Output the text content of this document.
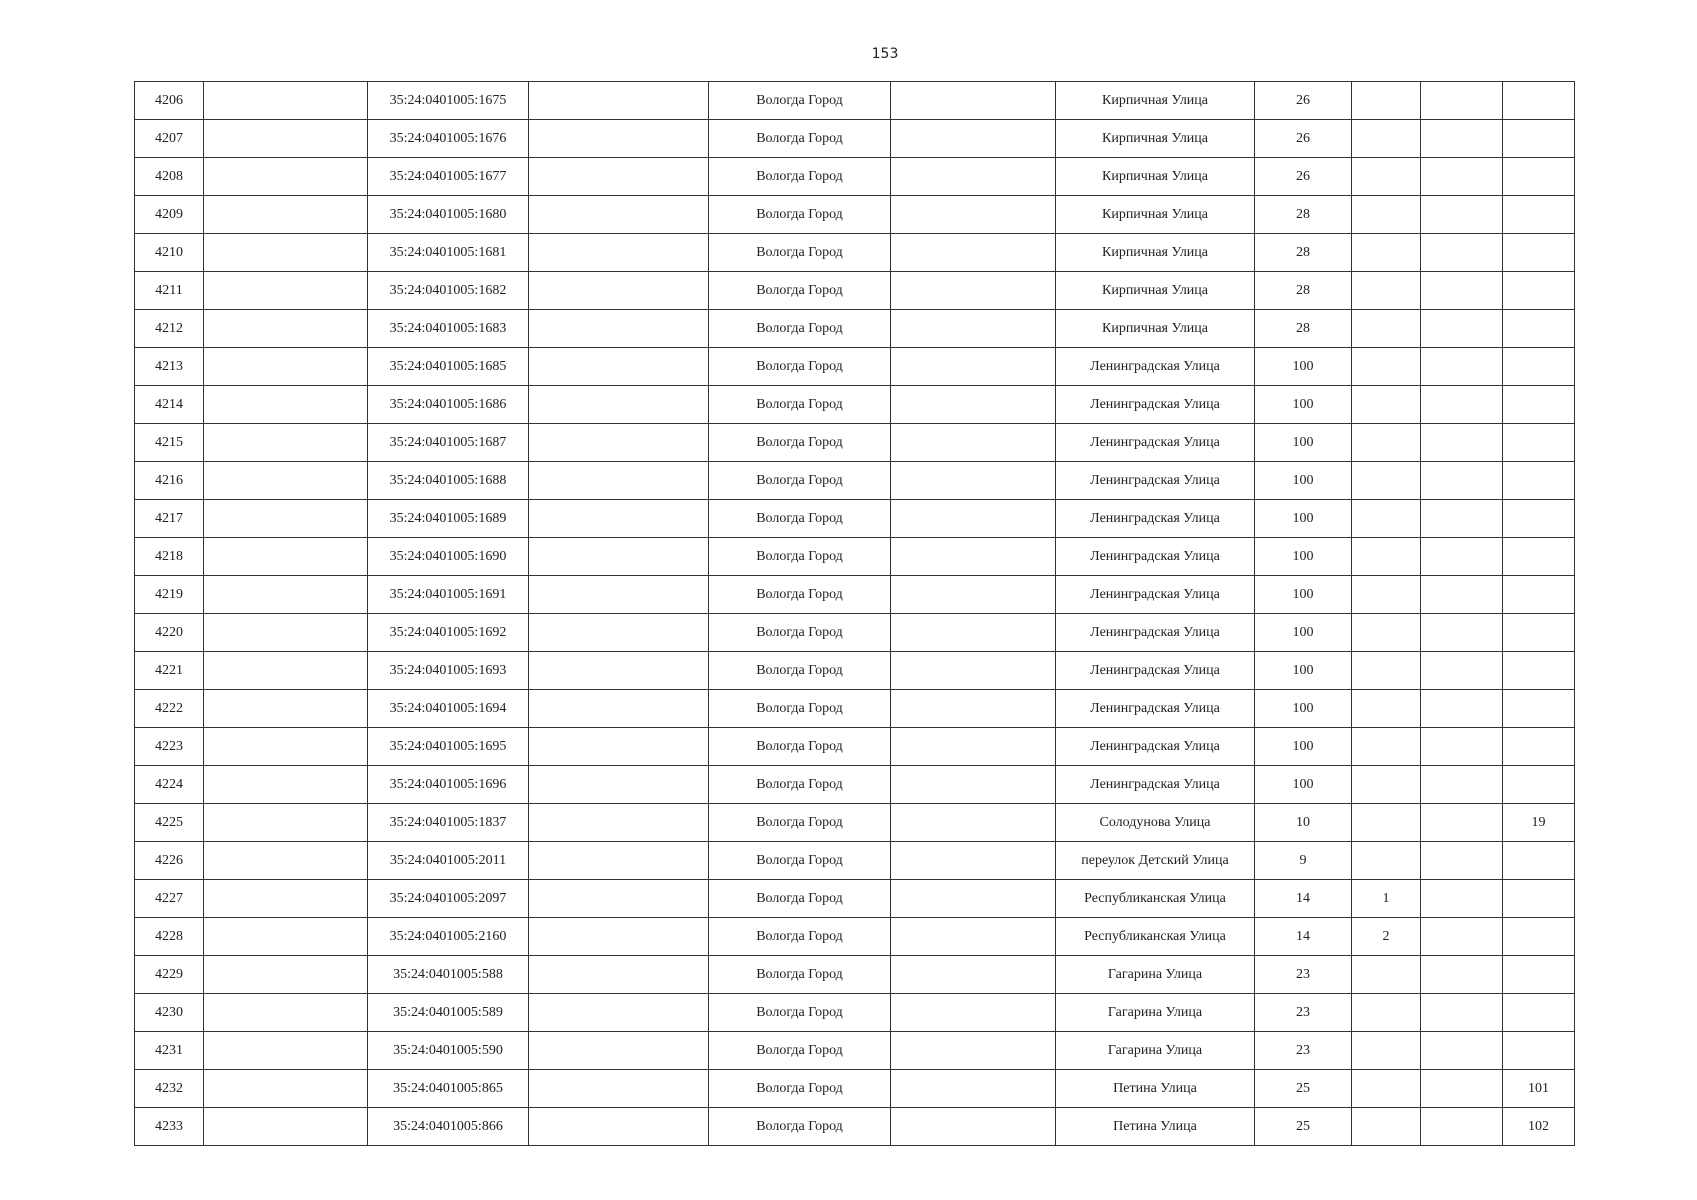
153
4206		35:24:0401005:1675		Вологда Город		Кирпичная Улица	26			
4207		35:24:0401005:1676		Вологда Город		Кирпичная Улица	26			
4208		35:24:0401005:1677		Вологда Город		Кирпичная Улица	26			
4209		35:24:0401005:1680		Вологда Город		Кирпичная Улица	28			
4210		35:24:0401005:1681		Вологда Город		Кирпичная Улица	28			
4211		35:24:0401005:1682		Вологда Город		Кирпичная Улица	28			
4212		35:24:0401005:1683		Вологда Город		Кирпичная Улица	28			
4213		35:24:0401005:1685		Вологда Город		Ленинградская Улица	100			
4214		35:24:0401005:1686		Вологда Город		Ленинградская Улица	100			
4215		35:24:0401005:1687		Вологда Город		Ленинградская Улица	100			
4216		35:24:0401005:1688		Вологда Город		Ленинградская Улица	100			
4217		35:24:0401005:1689		Вологда Город		Ленинградская Улица	100			
4218		35:24:0401005:1690		Вологда Город		Ленинградская Улица	100			
4219		35:24:0401005:1691		Вологда Город		Ленинградская Улица	100			
4220		35:24:0401005:1692		Вологда Город		Ленинградская Улица	100			
4221		35:24:0401005:1693		Вологда Город		Ленинградская Улица	100			
4222		35:24:0401005:1694		Вологда Город		Ленинградская Улица	100			
4223		35:24:0401005:1695		Вологда Город		Ленинградская Улица	100			
4224		35:24:0401005:1696		Вологда Город		Ленинградская Улица	100			
4225		35:24:0401005:1837		Вологда Город		Солодунова Улица	10			19
4226		35:24:0401005:2011		Вологда Город		переулок Детский Улица	9			
4227		35:24:0401005:2097		Вологда Город		Республиканская Улица	14	1		
4228		35:24:0401005:2160		Вологда Город		Республиканская Улица	14	2		
4229		35:24:0401005:588		Вологда Город		Гагарина Улица	23			
4230		35:24:0401005:589		Вологда Город		Гагарина Улица	23			
4231		35:24:0401005:590		Вологда Город		Гагарина Улица	23			
4232		35:24:0401005:865		Вологда Город		Петина Улица	25			101
4233		35:24:0401005:866		Вологда Город		Петина Улица	25			102
